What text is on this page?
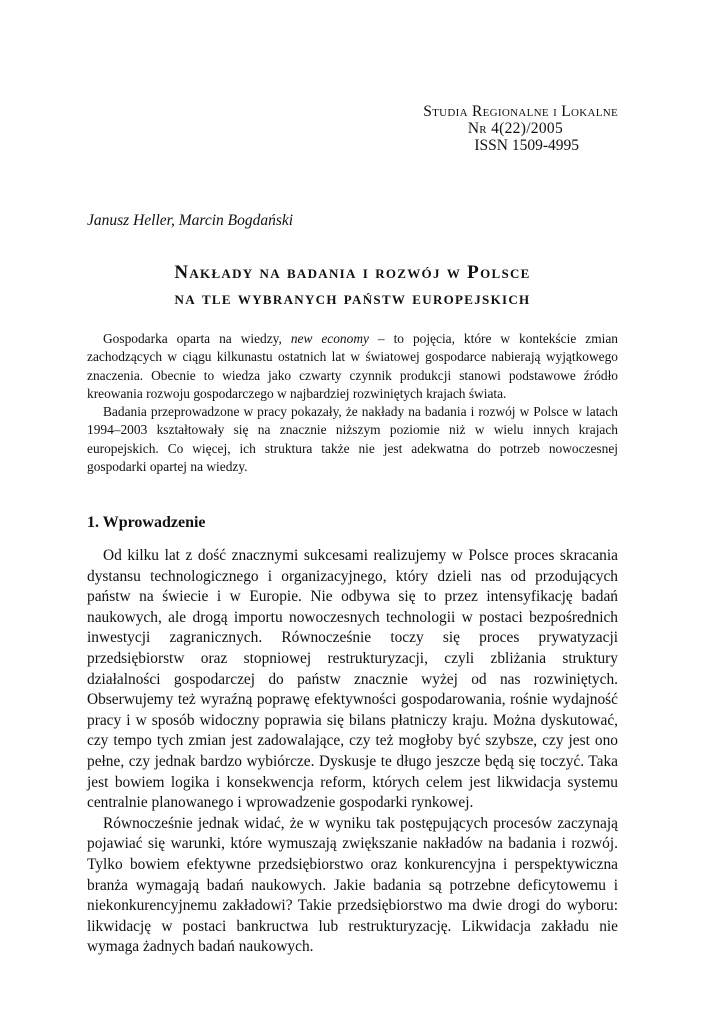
Studia Regionalne i Lokalne
Nr 4(22)/2005
ISSN 1509-4995
Janusz Heller, Marcin Bogdański
Nakłady na badania i rozwój w Polsce
na tle wybranych państw europejskich

Gospodarka oparta na wiedzy, new economy – to pojęcia, które w kontekście zmian zachodzących w ciągu kilkunastu ostatnich lat w światowej gospodarce nabierają wyjątkowego znaczenia. Obecnie to wiedza jako czwarty czynnik produkcji stanowi podstawowe źródło kreowania rozwoju gospodarczego w najbardziej rozwiniętych krajach świata.

Badania przeprowadzone w pracy pokazały, że nakłady na badania i rozwój w Polsce w latach 1994–2003 kształtowały się na znacznie niższym poziomie niż w wielu innych krajach europejskich. Co więcej, ich struktura także nie jest adekwatna do potrzeb nowoczesnej gospodarki opartej na wiedzy.

1. Wprowadzenie

Od kilku lat z dość znacznymi sukcesami realizujemy w Polsce proces skracania dystansu technologicznego i organizacyjnego, który dzieli nas od przodujących państw na świecie i w Europie. Nie odbywa się to przez intensyfikację badań naukowych, ale drogą importu nowoczesnych technologii w postaci bezpośrednich inwestycji zagranicznych. Równocześnie toczy się proces prywatyzacji przedsiębiorstw oraz stopniowej restrukturyzacji, czyli zbliżania struktury działalności gospodarczej do państw znacznie wyżej od nas rozwiniętych. Obserwujemy też wyraźną poprawę efektywności gospodarowania, rośnie wydajność pracy i w sposób widoczny poprawia się bilans płatniczy kraju. Można dyskutować, czy tempo tych zmian jest zadowalające, czy też mogłoby być szybsze, czy jest ono pełne, czy jednak bardzo wybiórcze. Dyskusje te długo jeszcze będą się toczyć. Taka jest bowiem logika i konsekwencja reform, których celem jest likwidacja systemu centralnie planowanego i wprowadzenie gospodarki rynkowej.

Równocześnie jednak widać, że w wyniku tak postępujących procesów zaczynają pojawiać się warunki, które wymuszają zwiększanie nakładów na badania i rozwój. Tylko bowiem efektywne przedsiębiorstwo oraz konkurencyjna i perspektywiczna branża wymagają badań naukowych. Jakie badania są potrzebne deficytowemu i niekonkurencyjnemu zakładowi? Takie przedsiębiorstwo ma dwie drogi do wyboru: likwidację w postaci bankructwa lub restrukturyzację. Likwidacja zakładu nie wymaga żadnych badań naukowych.
